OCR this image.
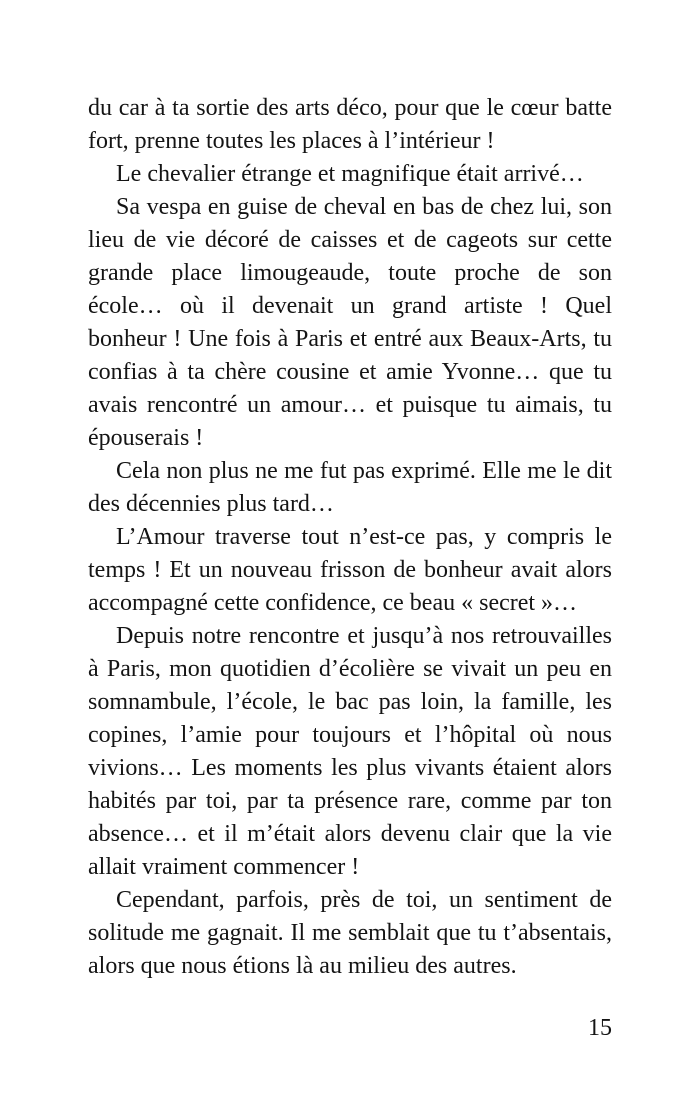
du car à ta sortie des arts déco, pour que le cœur batte fort, prenne toutes les places à l’intérieur !

Le chevalier étrange et magnifique était arrivé…

Sa vespa en guise de cheval en bas de chez lui, son lieu de vie décoré de caisses et de cageots sur cette grande place limougeaude, toute proche de son école… où il devenait un grand artiste ! Quel bonheur ! Une fois à Paris et entré aux Beaux-Arts, tu confias à ta chère cousine et amie Yvonne… que tu avais rencontré un amour… et puisque tu aimais, tu épouserais !

Cela non plus ne me fut pas exprimé. Elle me le dit des décennies plus tard…

L’Amour traverse tout n’est-ce pas, y compris le temps ! Et un nouveau frisson de bonheur avait alors accompagné cette confidence, ce beau « secret »…

Depuis notre rencontre et jusqu’à nos retrouvailles à Paris, mon quotidien d’écolière se vivait un peu en somnambule, l’école, le bac pas loin, la famille, les copines, l’amie pour toujours et l’hôpital où nous vivions… Les moments les plus vivants étaient alors habités par toi, par ta présence rare, comme par ton absence… et il m’était alors devenu clair que la vie allait vraiment commencer !

Cependant, parfois, près de toi, un sentiment de solitude me gagnait. Il me semblait que tu t’absentais, alors que nous étions là au milieu des autres.

15
